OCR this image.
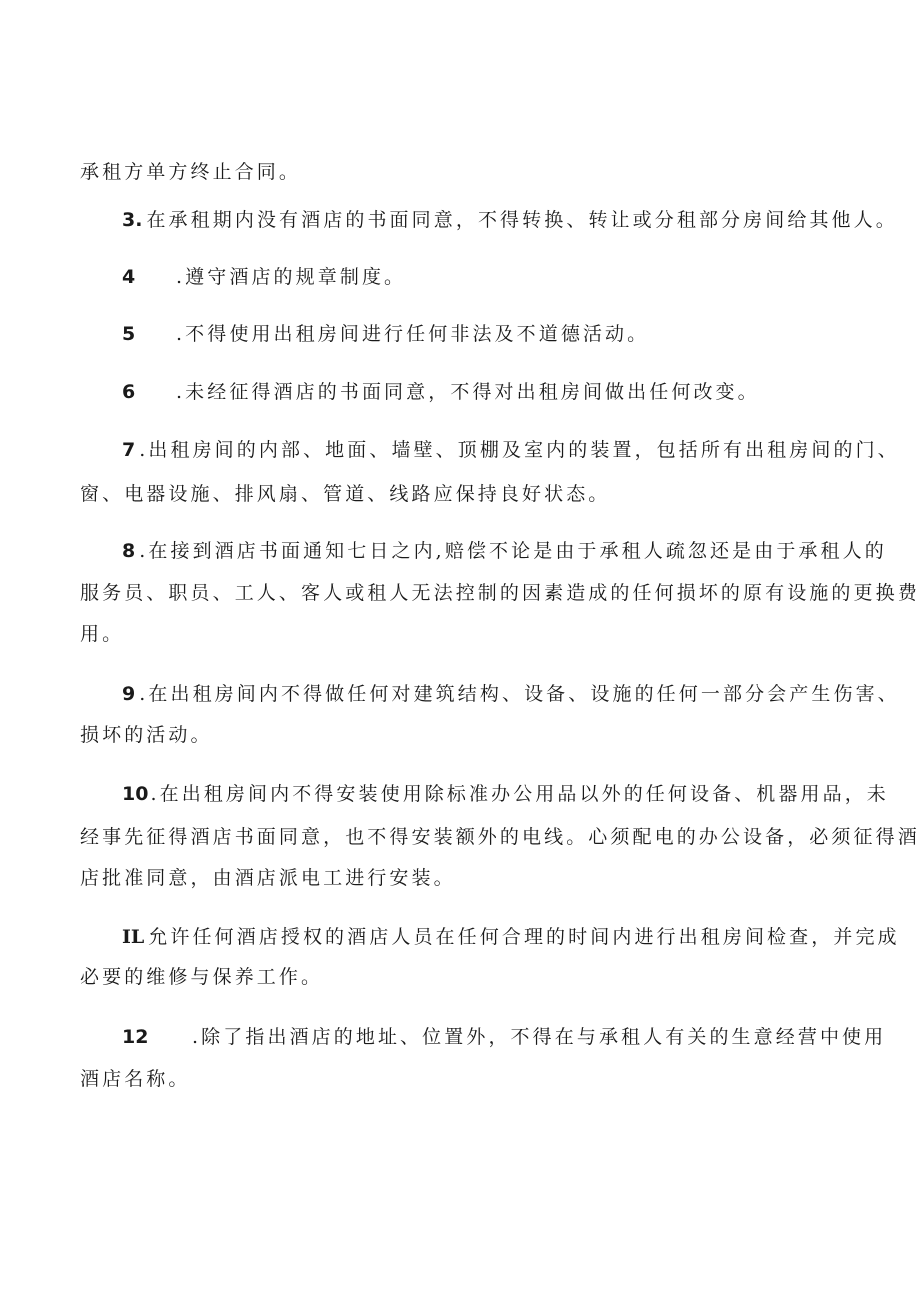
承租方单方终止合同。
3. 在承租期内没有酒店的书面同意，不得转换、转让或分租部分房间给其他人。
4 .遵守酒店的规章制度。
5 .不得使用出租房间进行任何非法及不道德活动。
6 .未经征得酒店的书面同意，不得对出租房间做出任何改变。
7 .出租房间的内部、地面、墙壁、顶棚及室内的装置，包括所有出租房间的门、
窗、电器设施、排风扇、管道、线路应保持良好状态。
8 .在接到酒店书面通知七日之内,赔偿不论是由于承租人疏忽还是由于承租人的
服务员、职员、工人、客人或租人无法控制的因素造成的任何损坏的原有设施的更换费
用。
9 .在出租房间内不得做任何对建筑结构、设备、设施的任何一部分会产生伤害、
损坏的活动。
10 .在出租房间内不得安装使用除标准办公用品以外的任何设备、机器用品，未
经事先征得酒店书面同意，也不得安装额外的电线。心须配电的办公设备，必须征得酒
店批准同意，由酒店派电工进行安装。
IL 允许任何酒店授权的酒店人员在任何合理的时间内进行出租房间检查，并完成
必要的维修与保养工作。
12 .除了指出酒店的地址、位置外，不得在与承租人有关的生意经营中使用
酒店名称。
